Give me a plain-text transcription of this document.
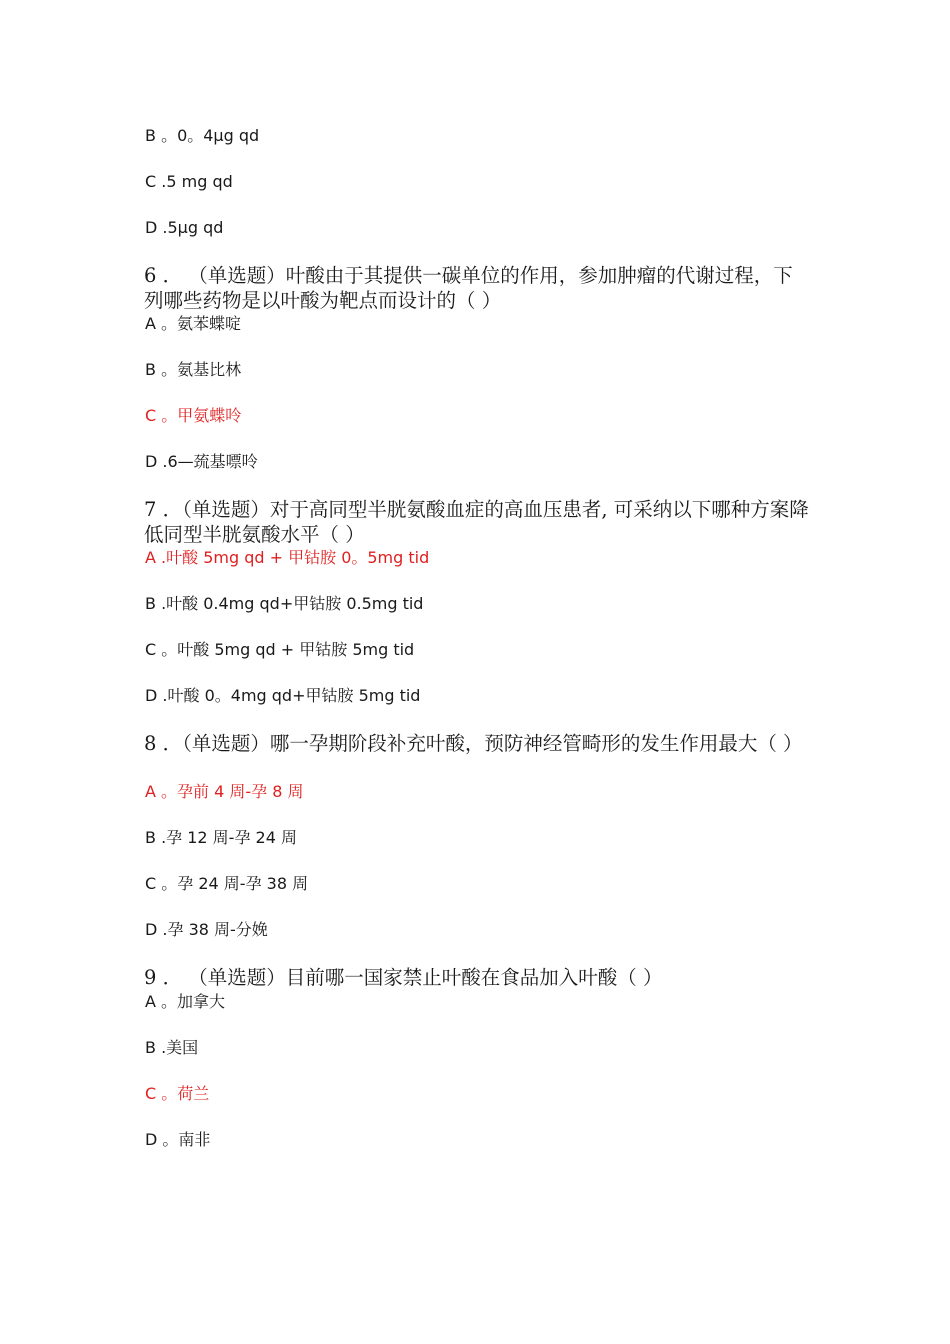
B 。0。4μg qd
C .5 mg qd
D .5μg qd
6 ． （单选题）叶酸由于其提供一碳单位的作用，参加肿瘤的代谢过程，下列哪些药物是以叶酸为靶点而设计的（ ）
A 。氨苯蝶啶
B 。氨基比林
C 。甲氨蝶呤
D .6—巯基嘌呤
7 ．（单选题）对于高同型半胱氨酸血症的高血压患者, 可采纳以下哪种方案降低同型半胱氨酸水平（ ）
A .叶酸 5mg qd + 甲钴胺 0。5mg tid
B .叶酸 0.4mg qd+甲钴胺 0.5mg tid
C 。叶酸 5mg qd + 甲钴胺 5mg tid
D .叶酸 0。4mg qd+甲钴胺 5mg tid
8 ．（单选题）哪一孕期阶段补充叶酸，预防神经管畸形的发生作用最大（ ）
A 。孕前 4 周-孕 8 周
B .孕 12 周-孕 24 周
C 。孕 24 周-孕 38 周
D .孕 38 周-分娩
9 ． （单选题）目前哪一国家禁止叶酸在食品加入叶酸（ ）
A 。加拿大
B .美国
C 。荷兰
D 。南非
